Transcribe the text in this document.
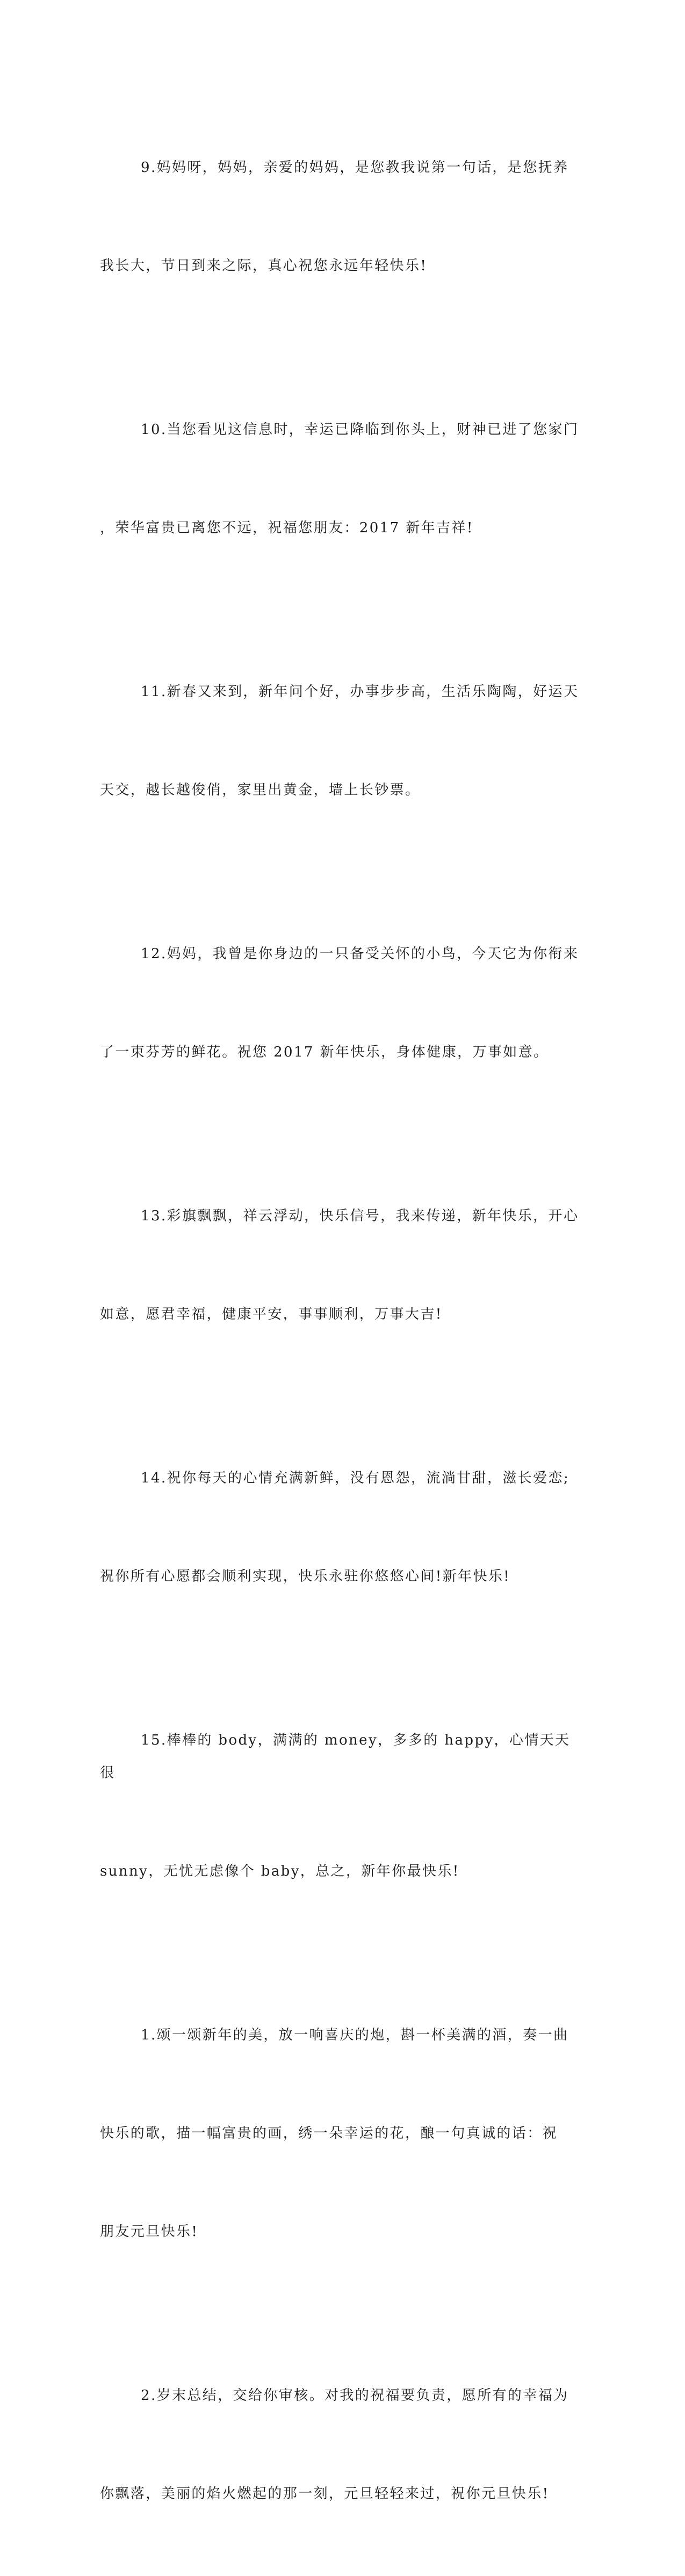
9.妈妈呀，妈妈，亲爱的妈妈，是您教我说第一句话，是您抚养

我长大，节日到来之际，真心祝您永远年轻快乐!

10.当您看见这信息时，幸运已降临到你头上，财神已进了您家门

，荣华富贵已离您不远，祝福您朋友：2017 新年吉祥!

11.新春又来到，新年问个好，办事步步高，生活乐陶陶，好运天

天交，越长越俊俏，家里出黄金，墙上长钞票。

12.妈妈，我曾是你身边的一只备受关怀的小鸟，今天它为你衔来

了一束芬芳的鲜花。祝您 2017 新年快乐，身体健康，万事如意。

13.彩旗飘飘，祥云浮动，快乐信号，我来传递，新年快乐，开心

如意，愿君幸福，健康平安，事事顺利，万事大吉!

14.祝你每天的心情充满新鲜，没有恩怨，流淌甘甜，滋长爱恋;

祝你所有心愿都会顺利实现，快乐永驻你悠悠心间!新年快乐!

15.棒棒的 body，满满的 money，多多的 happy，心情天天很

sunny，无忧无虑像个 baby，总之，新年你最快乐!

1.颂一颂新年的美，放一响喜庆的炮，斟一杯美满的酒，奏一曲

快乐的歌，描一幅富贵的画，绣一朵幸运的花，酿一句真诚的话：祝

朋友元旦快乐!

2.岁末总结，交给你审核。对我的祝福要负责，愿所有的幸福为

你飘落，美丽的焰火燃起的那一刻，元旦轻轻来过，祝你元旦快乐!
